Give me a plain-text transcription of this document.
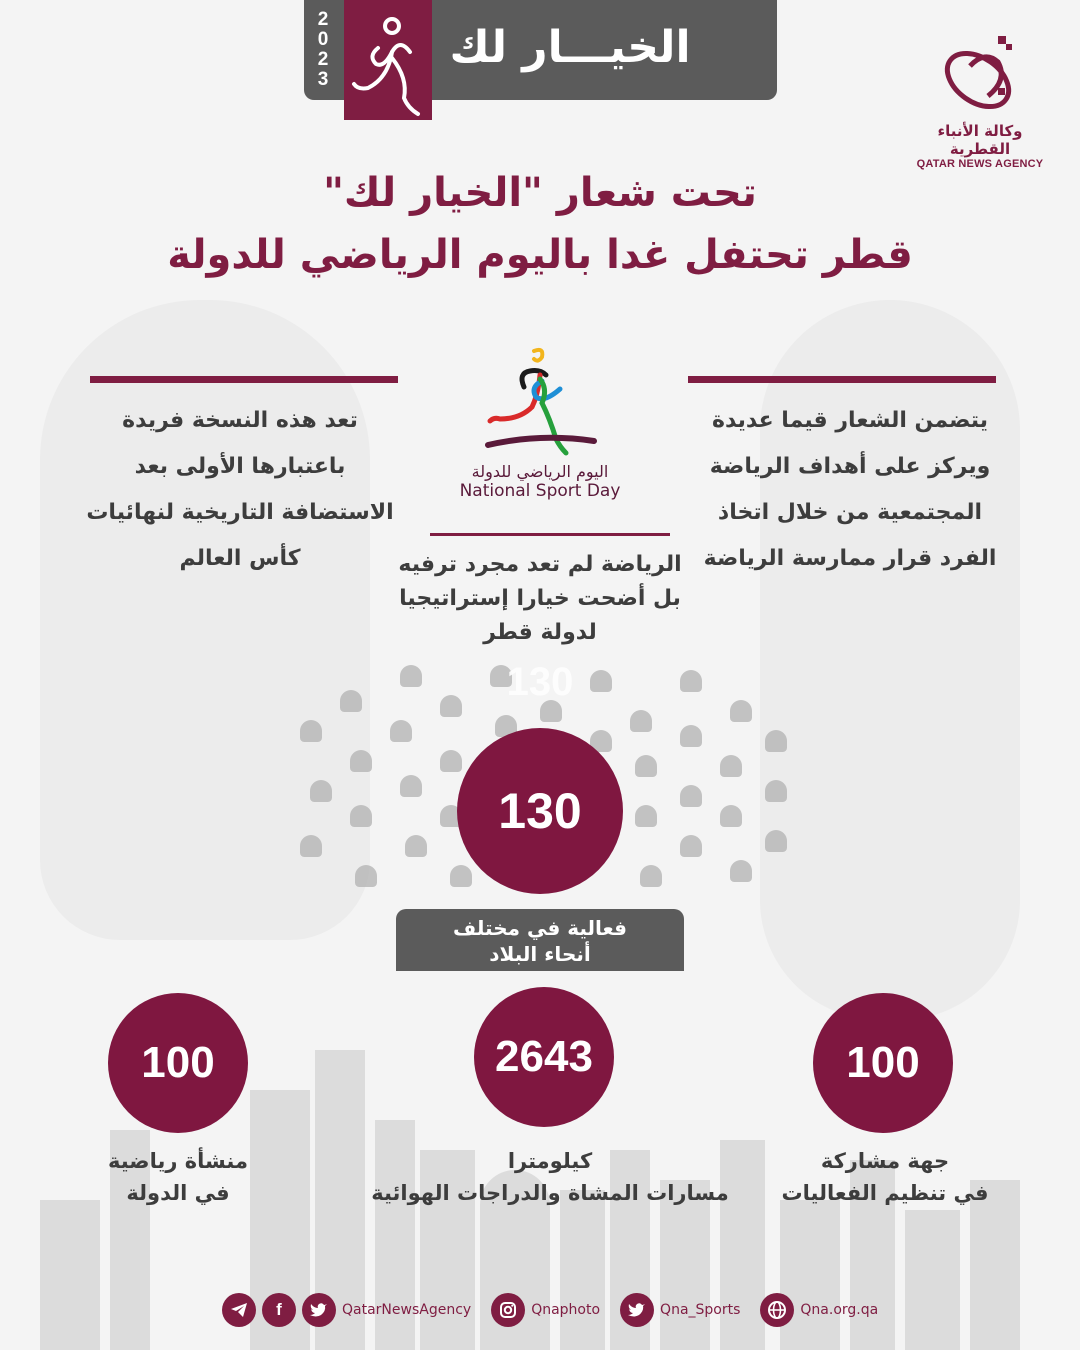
2
0
2
3
الخيـــار لك
وكالة الأنباء القطرية
QATAR NEWS AGENCY
تحت شعار "الخيار لك"
قطر تحتفل غدا باليوم الرياضي للدولة
تعد هذه النسخة فريدة
باعتبارها الأولى بعد
الاستضافة التاريخية لنهائيات
كأس العالم
يتضمن الشعار قيما عديدة
ويركز على أهداف الرياضة
المجتمعية من خلال اتخاذ
الفرد قرار ممارسة الرياضة
اليوم الرياضي للدولة
National Sport Day
الرياضة لم تعد مجرد ترفيه
بل أضحت خيارا إستراتيجيا
لدولة قطر
130
130
فعالية في مختلف
أنحاء البلاد
100	2643	100
منشأة رياضية
في الدولة
كيلومترا
مسارات المشاة والدراجات الهوائية
جهة مشاركة
في تنظيم الفعاليات
f	QatarNewsAgency	Qnaphoto	Qna_Sports	Qna.org.qa
